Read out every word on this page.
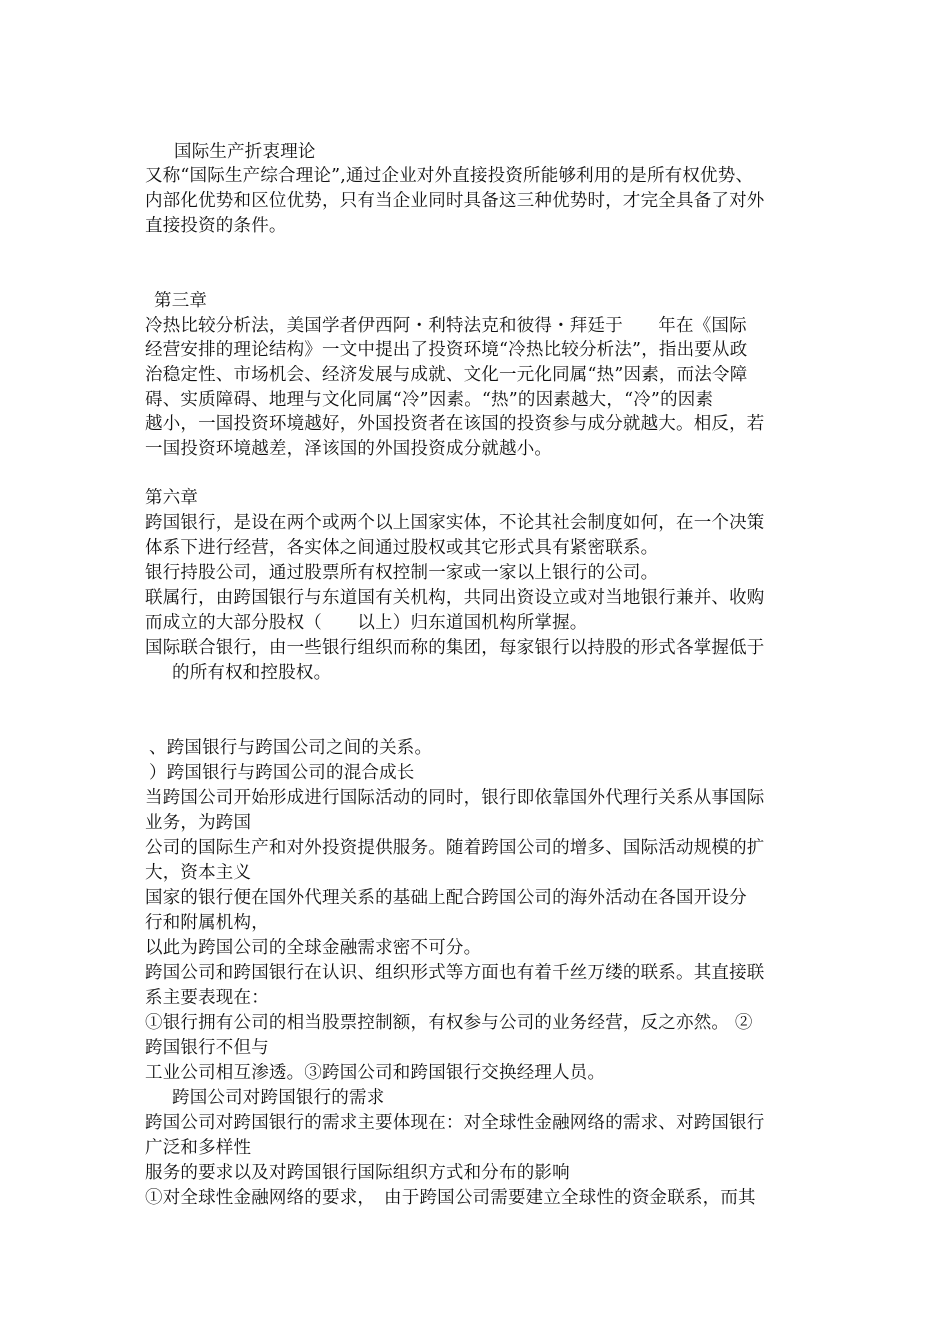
国际生产折衷理论
又称“国际生产综合理论”,通过企业对外直接投资所能够利用的是所有权优势、
内部化优势和区位优势，只有当企业同时具备这三种优势时，才完全具备了对外
直接投资的条件。
第三章
冷热比较分析法，美国学者伊西阿・利特法克和彼得・拜廷于　　年在《国际
经营安排的理论结构》一文中提出了投资环境“冷热比较分析法”，指出要从政
治稳定性、市场机会、经济发展与成就、文化一元化同属“热”因素，而法令障
碍、实质障碍、地理与文化同属“冷”因素。“热”的因素越大，“冷”的因素
越小，一国投资环境越好，外国投资者在该国的投资参与成分就越大。相反，若
一国投资环境越差，泽该国的外国投资成分就越小。
第六章
跨国银行，是设在两个或两个以上国家实体，不论其社会制度如何，在一个决策
体系下进行经营，各实体之间通过股权或其它形式具有紧密联系。
银行持股公司，通过股票所有权控制一家或一家以上银行的公司。
联属行，由跨国银行与东道国有关机构，共同出资设立或对当地银行兼并、收购
而成立的大部分股权（　　以上）归东道国机构所掌握。
国际联合银行，由一些银行组织而称的集团，每家银行以持股的形式各掌握低于
的所有权和控股权。
、跨国银行与跨国公司之间的关系。
）跨国银行与跨国公司的混合成长
当跨国公司开始形成进行国际活动的同时，银行即依靠国外代理行关系从事国际
业务，为跨国
公司的国际生产和对外投资提供服务。随着跨国公司的增多、国际活动规模的扩
大，资本主义
国家的银行便在国外代理关系的基础上配合跨国公司的海外活动在各国开设分
行和附属机构，
以此为跨国公司的全球金融需求密不可分。
跨国公司和跨国银行在认识、组织形式等方面也有着千丝万缕的联系。其直接联
系主要表现在：
①银行拥有公司的相当股票控制额，有权参与公司的业务经营，反之亦然。 ②
跨国银行不但与
工业公司相互渗透。③跨国公司和跨国银行交换经理人员。
跨国公司对跨国银行的需求
跨国公司对跨国银行的需求主要体现在：对全球性金融网络的需求、对跨国银行
广泛和多样性
服务的要求以及对跨国银行国际组织方式和分布的影响
①对全球性金融网络的要求，　由于跨国公司需要建立全球性的资金联系，而其
